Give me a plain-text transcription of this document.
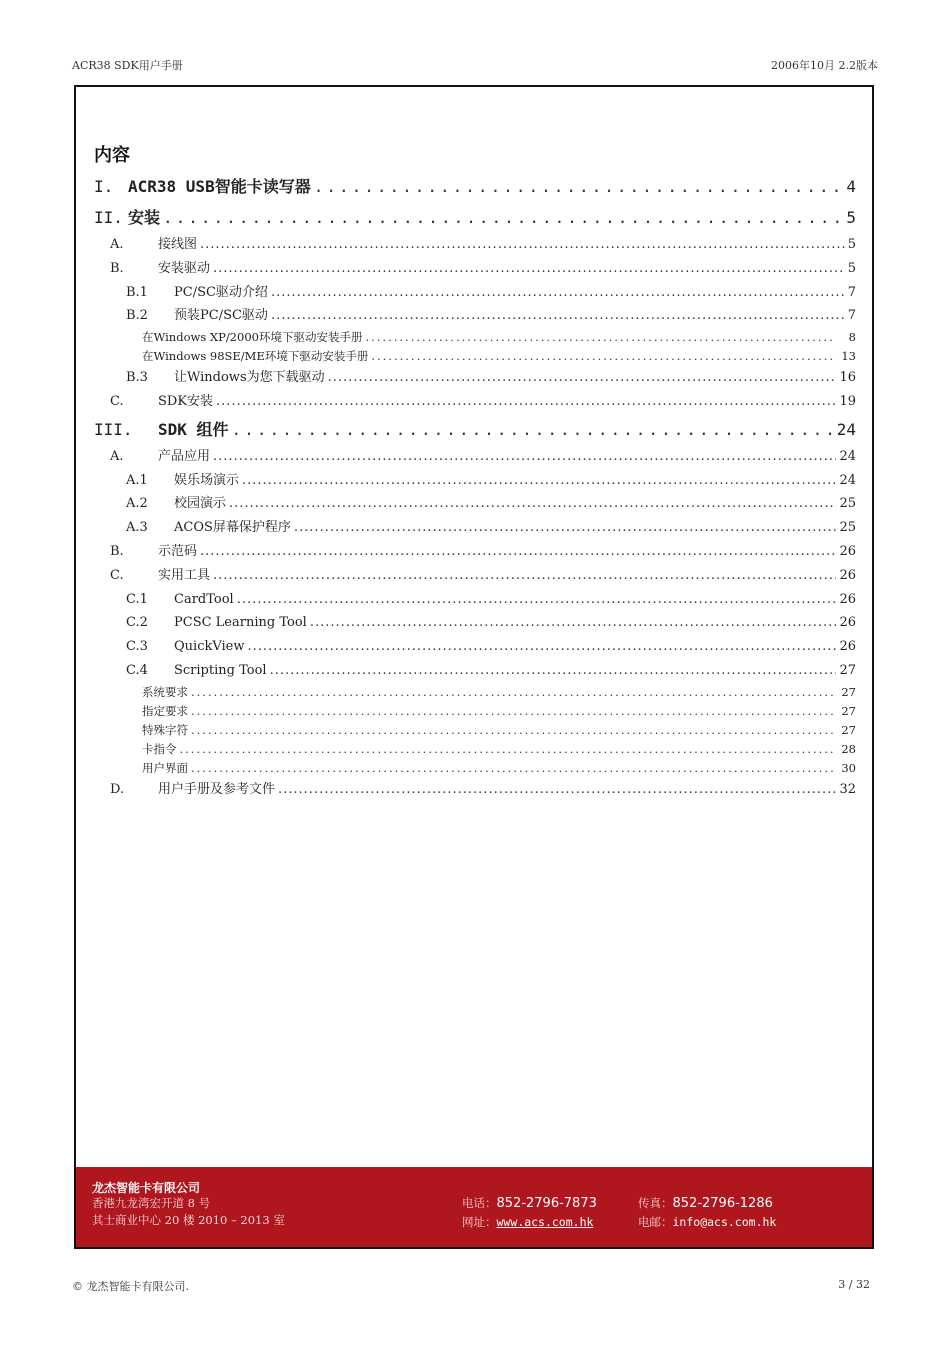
ACR38 SDK用户手册	2006年10月 2.2版本
内容
I. ACR38 USB智能卡读写器 .....	4
II. 安装 .....	5
A.	接线图 .....	5
B.	安装驱动 .....	5
B.1	PC/SC驱动介绍 .....	7
B.2	预装PC/SC驱动 .....	7
在Windows XP/2000环境下驱动安装手册 .....	8
在Windows 98SE/ME环境下驱动安装手册 .....	13
B.3	让Windows为您下载驱动 .....	16
C.	SDK安装 .....	19
III.	SDK 组件 .....	24
A.	产品应用 .....	24
A.1	娱乐场演示 .....	24
A.2	校园演示 .....	25
A.3	ACOS屏幕保护程序 .....	25
B.	示范码 .....	26
C.	实用工具 .....	26
C.1	CardTool .....	26
C.2	PCSC Learning Tool .....	26
C.3	QuickView .....	26
C.4	Scripting Tool .....	27
系统要求 .....	27
指定要求 .....	27
特殊字符 .....	27
卡指令 .....	28
用户界面 .....	30
D.	用户手册及参考文件 .....	32
龙杰智能卡有限公司
香港九龙湾宏开道 8 号
其士商业中心 20 楼 2010 – 2013 室
电话：852-2796-7873	传真：852-2796-1286
网址：www.acs.com.hk	电邮：info@acs.com.hk
© 龙杰智能卡有限公司.	3 / 32
